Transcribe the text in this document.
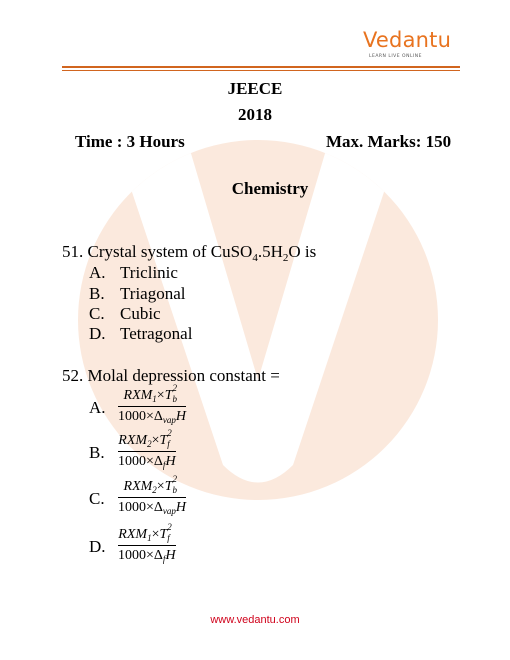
Vedantu
LEARN LIVE ONLINE
JEECE
2018
Time : 3 Hours	Max. Marks: 150
Chemistry
51. Crystal system of $CuSO_4.5H_2O$ is
A. Triclinic
B. Triagonal
C. Cubic
D. Tetragonal
52. Molal depression constant =
A.
$RXM_1\times T$ 2
b
$1000\times\Delta_{vap}H$
B.
$RXM_2\times T$ 2
f
$1000\times\Delta_fH$
C.
$RXM_2\times T$ 2
b
$1000\times\Delta_{vap}H$
D.
$RXM_1\times T$ 2
f
$1000\times\Delta_fH$
www.vedantu.com
